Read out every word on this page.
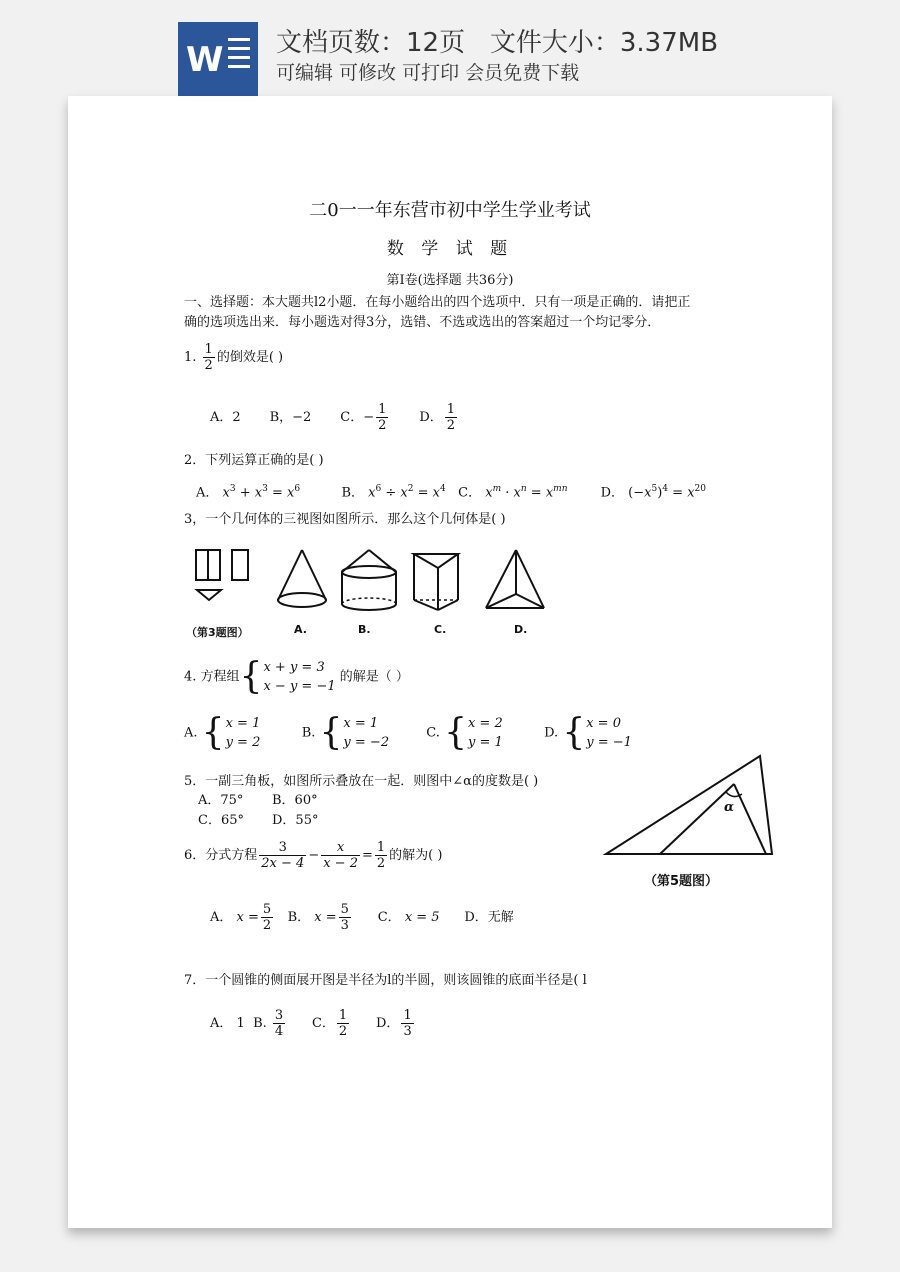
W 文档页数：12页   文件大小：3.37MB
可编辑 可修改 可打印 会员免费下载
二0一一年东营市初中学生学业考试
数 学 试 题
第Ⅰ卷(选择题 共36分)
一、选择题：本大题共l2小题．在每小题给出的四个选项中．只有一项是正确的．请把正
确的选项选出来．每小题选对得3分，选错、不选或选出的答案超过一个均记零分．
1. $\frac{1}{2}$ 的倒效是( )
A．2 B，−2 C．− $\frac{1}{2}$ D． $\frac{1}{2}$
2．下列运算正确的是( )
A． $x^3 + x^3 = x^6$	B． $x^6 \div x^2 = x^4$ C． $x^m \cdot x^n = x^{mn}$	D． $(-x^5)^4 = x^{20}$
3，一个几何体的三视图如图所示．那么这个几何体是( )
（第3题图）	A.	B.	C.	D.
4. 方程组{x + y = 3
x − y = −1 的解是（ ）
A. {x = 1
y = 2          B. {x = 1
y = −2         C. {x = 2
y = 1          D. {x = 0
y = −1
5．一副三角板，如图所示叠放在一起．则图中∠α的度数是( )
A．75° B．60°
C．65° D．55°
α
（第5题图）
6．分式方程 $\frac{3}{2x - 4} - \frac{x}{x - 2} = \frac{1}{2}$ 的解为( )
A． $x = \frac{5}{2}$ B． $x = \frac{5}{3}$ C． x = 5 D．无解
7．一个圆锥的侧面展开图是半径为l的半圆，则该圆锥的底面半径是( l
A． 1 B. $\frac{3}{4}$ C． $\frac{1}{2}$ D． $\frac{1}{3}$
